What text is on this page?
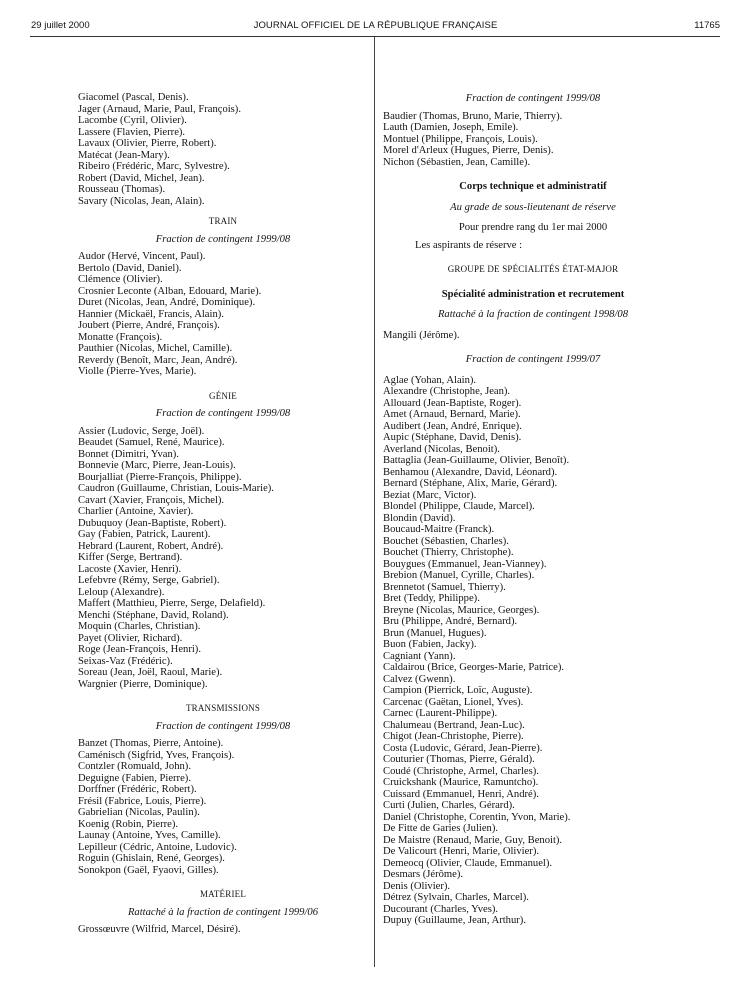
29 juillet 2000	JOURNAL OFFICIEL DE LA RÉPUBLIQUE FRANÇAISE	11765
Giacomel (Pascal, Denis).
Jager (Arnaud, Marie, Paul, François).
Lacombe (Cyril, Olivier).
Lassere (Flavien, Pierre).
Lavaux (Olivier, Pierre, Robert).
Matécat (Jean-Mary).
Ribeiro (Frédéric, Marc, Sylvestre).
Robert (David, Michel, Jean).
Rousseau (Thomas).
Savary (Nicolas, Jean, Alain).
TRAIN
Fraction de contingent 1999/08
Audor (Hervé, Vincent, Paul).
Bertolo (David, Daniel).
Clémence (Olivier).
Crosnier Leconte (Alban, Edouard, Marie).
Duret (Nicolas, Jean, André, Dominique).
Hannier (Mickaël, Francis, Alain).
Joubert (Pierre, André, François).
Monatte (François).
Pauthier (Nicolas, Michel, Camille).
Reverdy (Benoît, Marc, Jean, André).
Violle (Pierre-Yves, Marie).
GÉNIE
Fraction de contingent 1999/08
Assier (Ludovic, Serge, Joël).
Beaudet (Samuel, René, Maurice).
Bonnet (Dimitri, Yvan).
Bonnevie (Marc, Pierre, Jean-Louis).
Bourjalliat (Pierre-François, Philippe).
Caudron (Guillaume, Christian, Louis-Marie).
Cavart (Xavier, François, Michel).
Charlier (Antoine, Xavier).
Dubuquoy (Jean-Baptiste, Robert).
Gay (Fabien, Patrick, Laurent).
Hebrard (Laurent, Robert, André).
Kiffer (Serge, Bertrand).
Lacoste (Xavier, Henri).
Lefebvre (Rémy, Serge, Gabriel).
Leloup (Alexandre).
Maffert (Matthieu, Pierre, Serge, Delafield).
Menchi (Stéphane, David, Roland).
Moquin (Charles, Christian).
Payet (Olivier, Richard).
Roge (Jean-François, Henri).
Seixas-Vaz (Frédéric).
Soreau (Jean, Joël, Raoul, Marie).
Wargnier (Pierre, Dominique).
TRANSMISSIONS
Fraction de contingent 1999/08
Banzet (Thomas, Pierre, Antoine).
Caménisch (Sigfrid, Yves, François).
Contzler (Romuald, John).
Deguigne (Fabien, Pierre).
Dorffner (Frédéric, Robert).
Frésil (Fabrice, Louis, Pierre).
Gabrielian (Nicolas, Paulin).
Koenig (Robin, Pierre).
Launay (Antoine, Yves, Camille).
Lepilleur (Cédric, Antoine, Ludovic).
Roguin (Ghislain, René, Georges).
Sonokpon (Gaël, Fyaovi, Gilles).
MATÉRIEL
Rattaché à la fraction de contingent 1999/06
Grossœuvre (Wilfrid, Marcel, Désiré).
Fraction de contingent 1999/08
Baudier (Thomas, Bruno, Marie, Thierry).
Lauth (Damien, Joseph, Emile).
Montuel (Philippe, François, Louis).
Morel d'Arleux (Hugues, Pierre, Denis).
Nichon (Sébastien, Jean, Camille).
Corps technique et administratif
Au grade de sous-lieutenant de réserve
Pour prendre rang du 1er mai 2000
Les aspirants de réserve :
GROUPE DE SPÉCIALITÉS ÉTAT-MAJOR
Spécialité administration et recrutement
Rattaché à la fraction de contingent 1998/08
Mangili (Jérôme).
Fraction de contingent 1999/07
Aglae (Yohan, Alain).
Alexandre (Christophe, Jean).
Allouard (Jean-Baptiste, Roger).
Amet (Arnaud, Bernard, Marie).
Audibert (Jean, André, Enrique).
Aupic (Stéphane, David, Denis).
Averland (Nicolas, Benoit).
Battaglia (Jean-Guillaume, Olivier, Benoît).
Benhamou (Alexandre, David, Léonard).
Bernard (Stéphane, Alix, Marie, Gérard).
Beziat (Marc, Victor).
Blondel (Philippe, Claude, Marcel).
Blondin (David).
Boucaud-Maitre (Franck).
Bouchet (Sébastien, Charles).
Bouchet (Thierry, Christophe).
Bouygues (Emmanuel, Jean-Vianney).
Brebion (Manuel, Cyrille, Charles).
Brennetot (Samuel, Thierry).
Bret (Teddy, Philippe).
Breyne (Nicolas, Maurice, Georges).
Bru (Philippe, André, Bernard).
Brun (Manuel, Hugues).
Buon (Fabien, Jacky).
Cagniant (Yann).
Caldairou (Brice, Georges-Marie, Patrice).
Calvez (Gwenn).
Campion (Pierrick, Loïc, Auguste).
Carcenac (Gaëtan, Lionel, Yves).
Carnec (Laurent-Philippe).
Chalumeau (Bertrand, Jean-Luc).
Chigot (Jean-Christophe, Pierre).
Costa (Ludovic, Gérard, Jean-Pierre).
Couturier (Thomas, Pierre, Gérald).
Coudé (Christophe, Armel, Charles).
Cruickshank (Maurice, Ramuntcho).
Cuissard (Emmanuel, Henri, André).
Curti (Julien, Charles, Gérard).
Daniel (Christophe, Corentin, Yvon, Marie).
De Fitte de Garies (Julien).
De Maistre (Renaud, Marie, Guy, Benoit).
De Valicourt (Henri, Marie, Olivier).
Demeocq (Olivier, Claude, Emmanuel).
Desmars (Jérôme).
Denis (Olivier).
Détrez (Sylvain, Charles, Marcel).
Ducourant (Charles, Yves).
Dupuy (Guillaume, Jean, Arthur).
